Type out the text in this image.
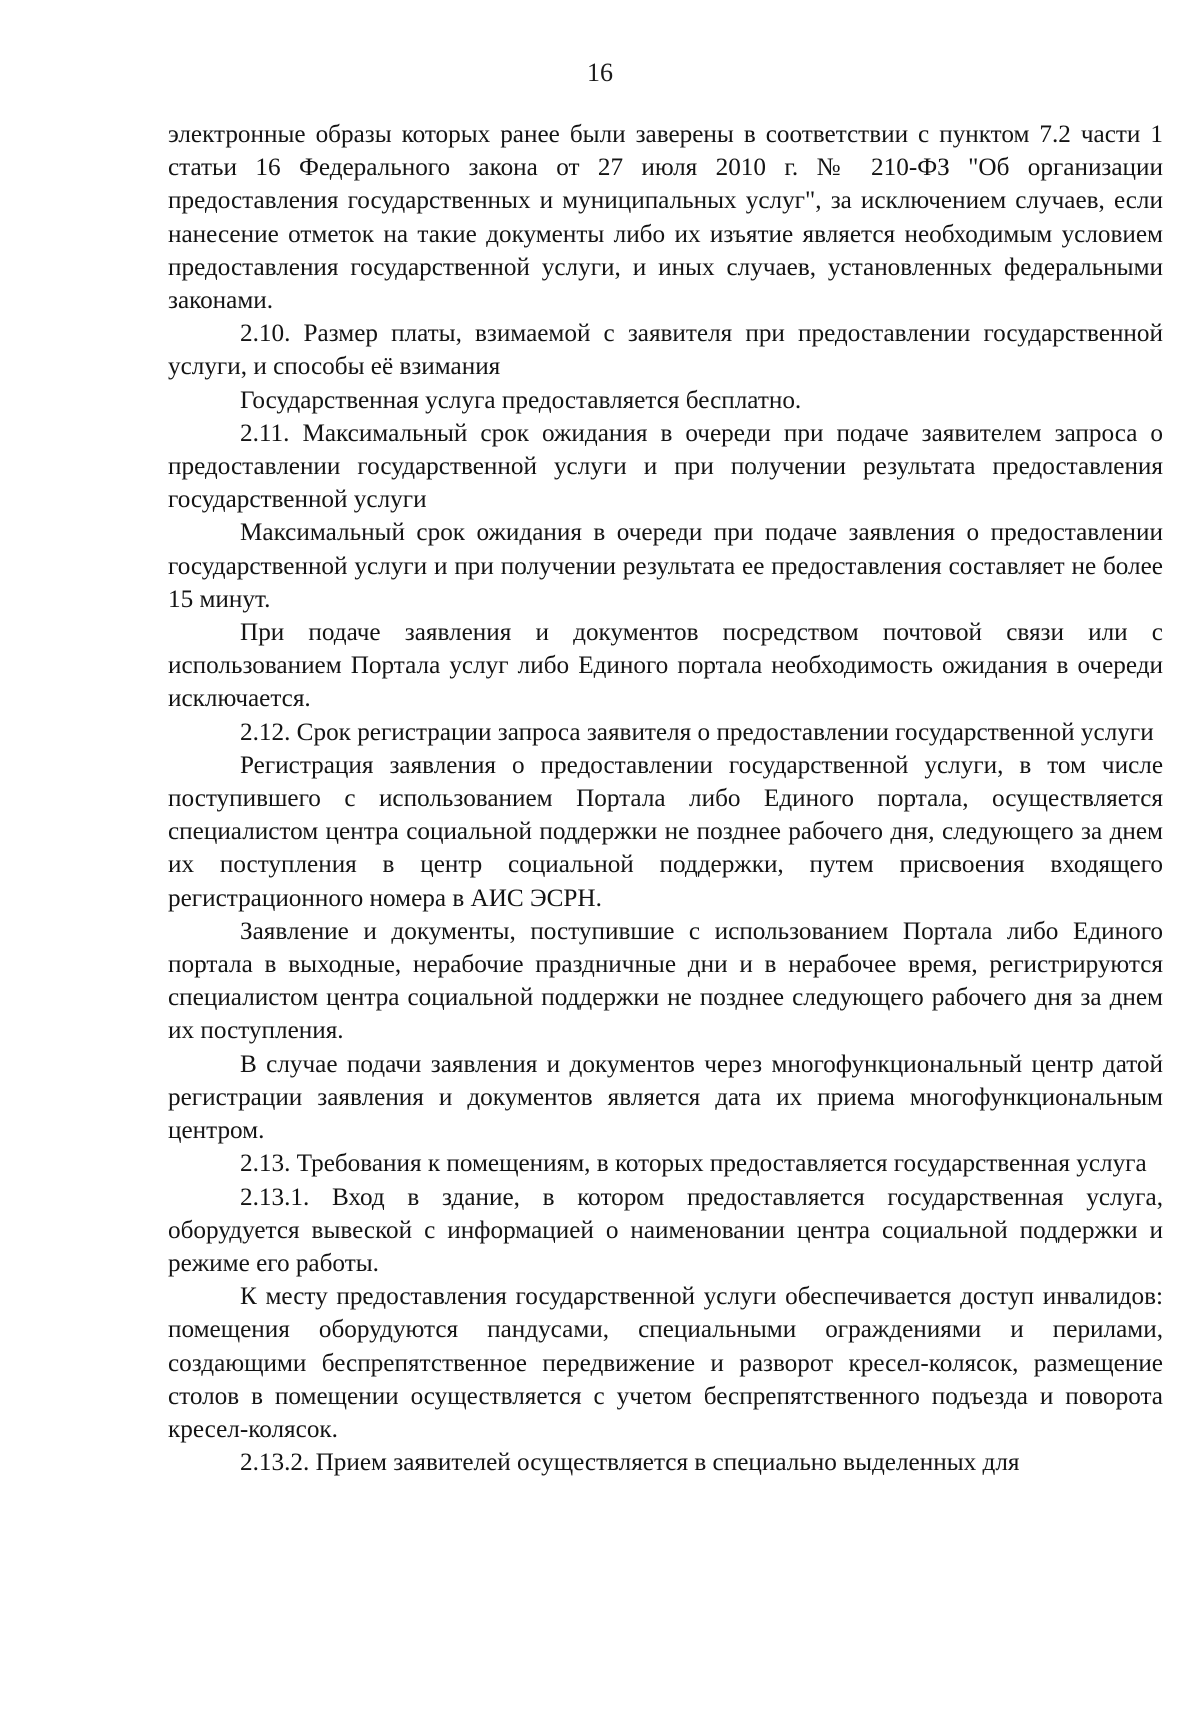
16

электронные образы которых ранее были заверены в соответствии с пунктом 7.2 части 1 статьи 16 Федерального закона от 27 июля 2010 г. № 210-ФЗ "Об организации предоставления государственных и муниципальных услуг", за исключением случаев, если нанесение отметок на такие документы либо их изъятие является необходимым условием предоставления государственной услуги, и иных случаев, установленных федеральными законами.

2.10. Размер платы, взимаемой с заявителя при предоставлении государственной услуги, и способы её взимания

Государственная услуга предоставляется бесплатно.

2.11. Максимальный срок ожидания в очереди при подаче заявителем запроса о предоставлении государственной услуги и при получении результата предоставления государственной услуги

Максимальный срок ожидания в очереди при подаче заявления о предоставлении государственной услуги и при получении результата ее предоставления составляет не более 15 минут.

При подаче заявления и документов посредством почтовой связи или с использованием Портала услуг либо Единого портала необходимость ожидания в очереди исключается.

2.12. Срок регистрации запроса заявителя о предоставлении государственной услуги

Регистрация заявления о предоставлении государственной услуги, в том числе поступившего с использованием Портала либо Единого портала, осуществляется специалистом центра социальной поддержки не позднее рабочего дня, следующего за днем их поступления в центр социальной поддержки, путем присвоения входящего регистрационного номера в АИС ЭСРН.

Заявление и документы, поступившие с использованием Портала либо Единого портала в выходные, нерабочие праздничные дни и в нерабочее время, регистрируются специалистом центра социальной поддержки не позднее следующего рабочего дня за днем их поступления.

В случае подачи заявления и документов через многофункциональный центр датой регистрации заявления и документов является дата их приема многофункциональным центром.

2.13. Требования к помещениям, в которых предоставляется государственная услуга

2.13.1. Вход в здание, в котором предоставляется государственная услуга, оборудуется вывеской с информацией о наименовании центра социальной поддержки и режиме его работы.

К месту предоставления государственной услуги обеспечивается доступ инвалидов: помещения оборудуются пандусами, специальными ограждениями и перилами, создающими беспрепятственное передвижение и разворот кресел-колясок, размещение столов в помещении осуществляется с учетом беспрепятственного подъезда и поворота кресел-колясок.

2.13.2. Прием заявителей осуществляется в специально выделенных для
